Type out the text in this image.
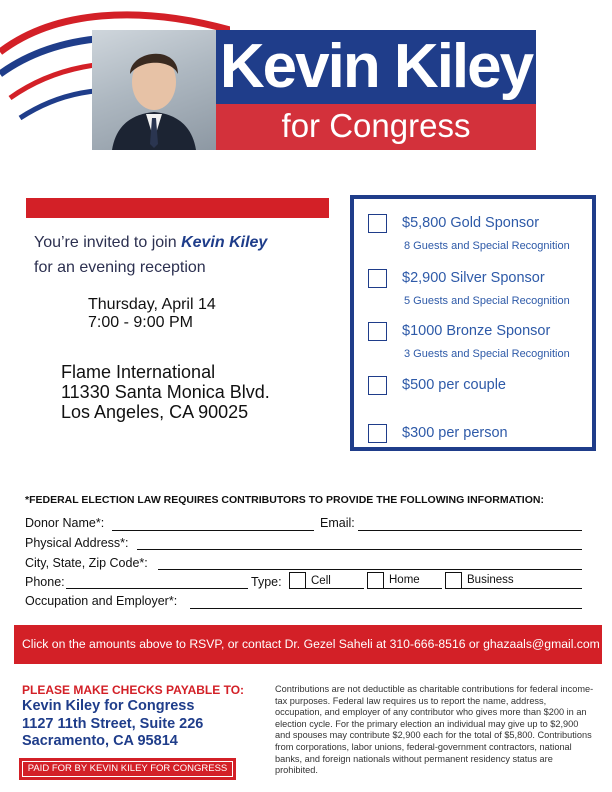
Kevin Kiley
for Congress
You’re invited to join Kevin Kiley
for an evening reception
Thursday, April 14
7:00 - 9:00 PM
Flame International
11330 Santa Monica Blvd.
Los Angeles, CA 90025
$5,800 Gold Sponsor
8 Guests and Special Recognition
$2,900 Silver Sponsor
5 Guests and Special Recognition
$1000 Bronze Sponsor
3 Guests and Special Recognition
$500 per couple
$300 per person
*FEDERAL ELECTION LAW REQUIRES CONTRIBUTORS TO PROVIDE THE FOLLOWING INFORMATION:
Donor Name*:	Email:
Physical Address*:
City, State, Zip Code*:
Phone:	Type:	Cell	Home	Business
Occupation and Employer*:
Click on the amounts above to RSVP, or contact Dr. Gezel Saheli at 310-666-8516 or ghazaals@gmail.com
PLEASE MAKE CHECKS PAYABLE TO:
Kevin Kiley for Congress
1127 11th Street, Suite 226
Sacramento, CA 95814
PAID FOR BY KEVIN KILEY FOR CONGRESS
Contributions are not deductible as charitable contributions for federal income-tax purposes. Federal law requires us to report the name, address, occupation, and employer of any contributor who gives more than $200 in an election cycle. For the primary election an individual may give up to $2,900 and spouses may contribute $2,900 each for the total of $5,800. Contributions from corporations, labor unions, federal-government contractors, national banks, and foreign nationals without permanent residency status are prohibited.
